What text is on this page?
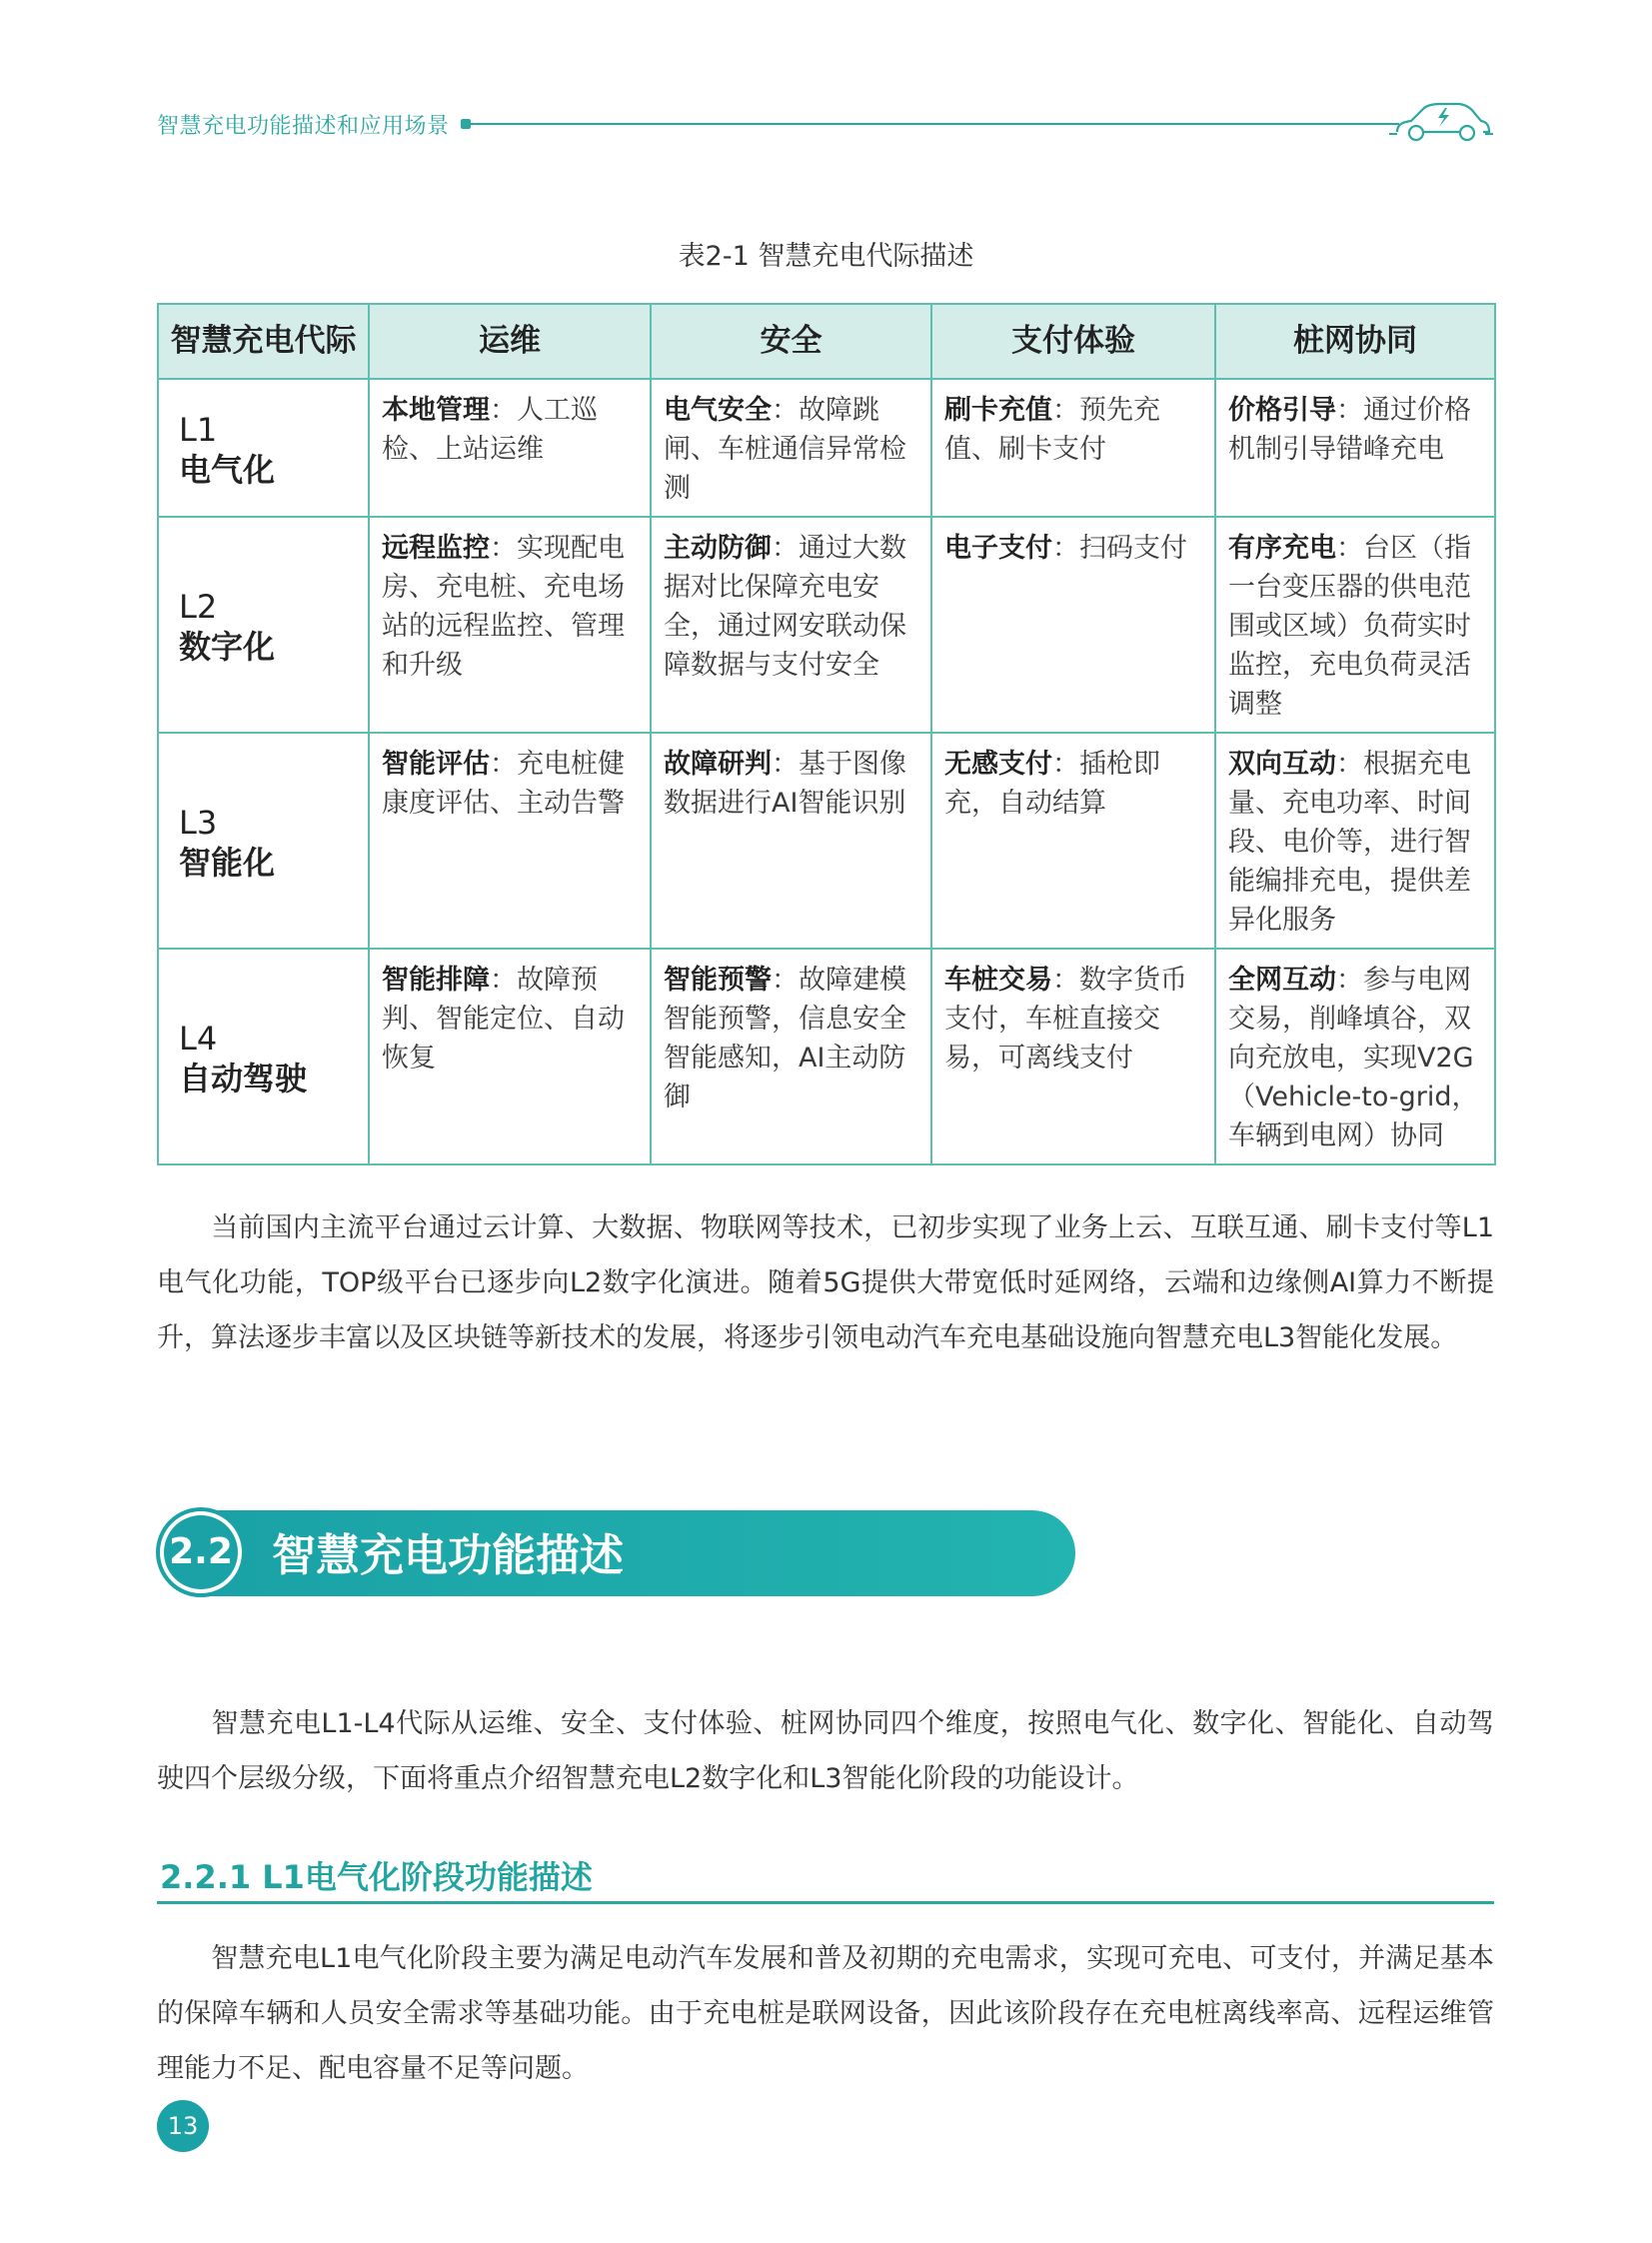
智慧充电功能描述和应用场景
表2-1 智慧充电代际描述
智慧充电代际	运维	安全	支付体验	桩网协同

L1
电气化	本地管理：人工巡检、上站运维	电气安全：故障跳闸、车桩通信异常检测	刷卡充值：预先充值、刷卡支付	价格引导：通过价格机制引导错峰充电

L2
数字化	远程监控：实现配电房、充电桩、充电场站的远程监控、管理和升级	主动防御：通过大数据对比保障充电安全，通过网安联动保障数据与支付安全	电子支付：扫码支付	有序充电：台区（指一台变压器的供电范围或区域）负荷实时监控，充电负荷灵活调整

L3
智能化	智能评估：充电桩健康度评估、主动告警	故障研判：基于图像数据进行AI智能识别	无感支付：插枪即充，自动结算	双向互动：根据充电量、充电功率、时间段、电价等，进行智能编排充电，提供差异化服务

L4
自动驾驶	智能排障：故障预判、智能定位、自动恢复	智能预警：故障建模智能预警，信息安全智能感知，AI主动防御	车桩交易：数字货币支付，车桩直接交易，可离线支付	全网互动：参与电网交易，削峰填谷，双向充放电，实现V2G（Vehicle-to-grid，车辆到电网）协同
当前国内主流平台通过云计算、大数据、物联网等技术，已初步实现了业务上云、互联互通、刷卡支付等L1电气化功能，TOP级平台已逐步向L2数字化演进。随着5G提供大带宽低时延网络，云端和边缘侧AI算力不断提升，算法逐步丰富以及区块链等新技术的发展，将逐步引领电动汽车充电基础设施向智慧充电L3智能化发展。
智慧充电功能描述
2.2
智慧充电L1-L4代际从运维、安全、支付体验、桩网协同四个维度，按照电气化、数字化、智能化、自动驾驶四个层级分级，下面将重点介绍智慧充电L2数字化和L3智能化阶段的功能设计。
2.2.1 L1电气化阶段功能描述
智慧充电L1电气化阶段主要为满足电动汽车发展和普及初期的充电需求，实现可充电、可支付，并满足基本的保障车辆和人员安全需求等基础功能。由于充电桩是联网设备，因此该阶段存在充电桩离线率高、远程运维管理能力不足、配电容量不足等问题。
13
